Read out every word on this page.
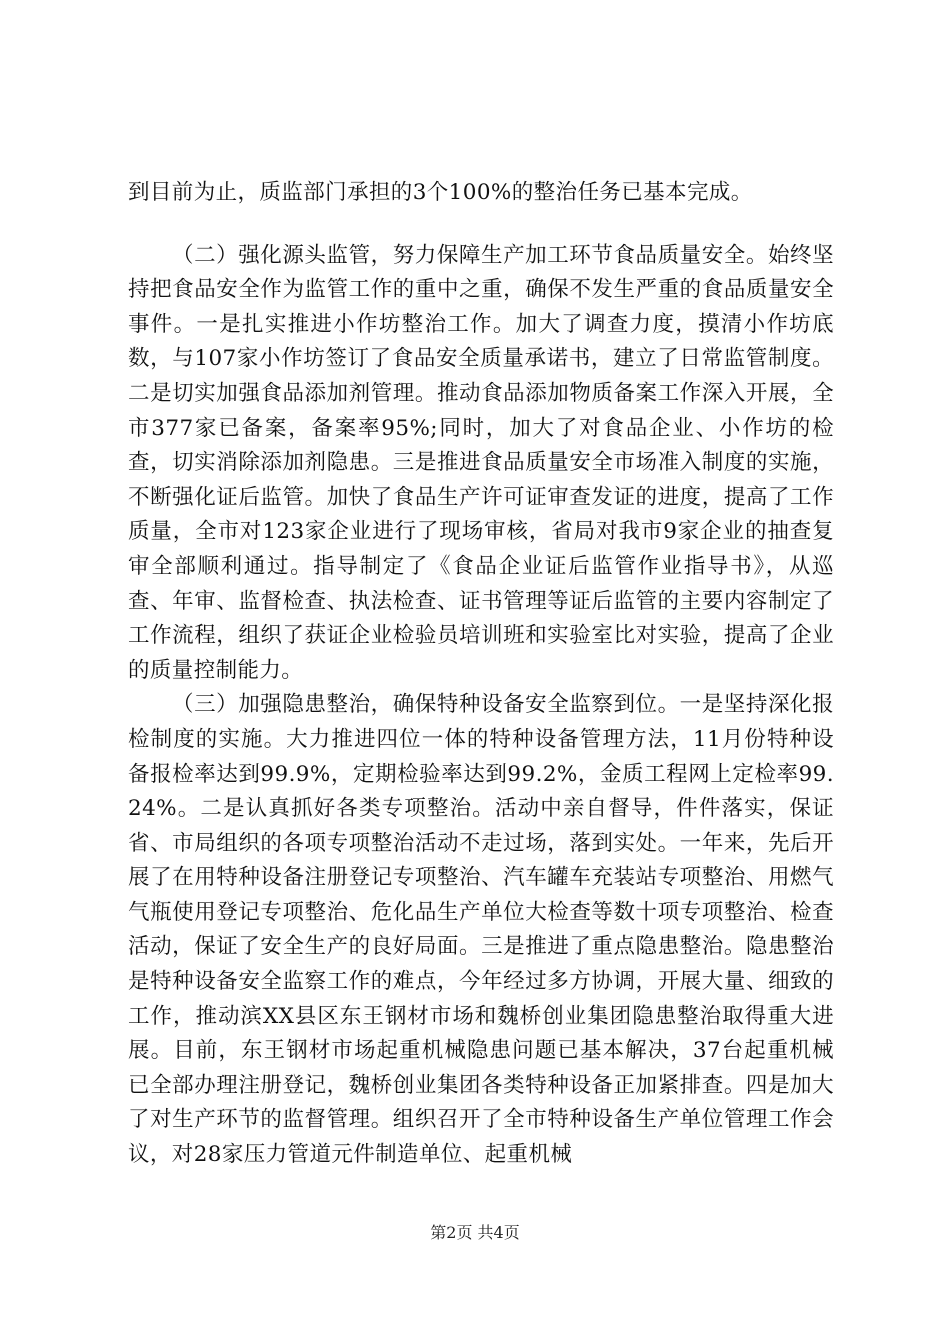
到目前为止，质监部门承担的3个100%的整治任务已基本完成。

（二）强化源头监管，努力保障生产加工环节食品质量安全。始终坚持把食品安全作为监管工作的重中之重，确保不发生严重的食品质量安全事件。一是扎实推进小作坊整治工作。加大了调查力度，摸清小作坊底数，与107家小作坊签订了食品安全质量承诺书，建立了日常监管制度。二是切实加强食品添加剂管理。推动食品添加物质备案工作深入开展，全市377家已备案，备案率95%;同时，加大了对食品企业、小作坊的检查，切实消除添加剂隐患。三是推进食品质量安全市场准入制度的实施，不断强化证后监管。加快了食品生产许可证审查发证的进度，提高了工作质量，全市对123家企业进行了现场审核，省局对我市9家企业的抽查复审全部顺利通过。指导制定了《食品企业证后监管作业指导书》，从巡查、年审、监督检查、执法检查、证书管理等证后监管的主要内容制定了工作流程，组织了获证企业检验员培训班和实验室比对实验，提高了企业的质量控制能力。

（三）加强隐患整治，确保特种设备安全监察到位。一是坚持深化报检制度的实施。大力推进四位一体的特种设备管理方法，11月份特种设备报检率达到99.9%，定期检验率达到99.2%，金质工程网上定检率99.24%。二是认真抓好各类专项整治。活动中亲自督导，件件落实，保证省、市局组织的各项专项整治活动不走过场，落到实处。一年来，先后开展了在用特种设备注册登记专项整治、汽车罐车充装站专项整治、用燃气气瓶使用登记专项整治、危化品生产单位大检查等数十项专项整治、检查活动，保证了安全生产的良好局面。三是推进了重点隐患整治。隐患整治是特种设备安全监察工作的难点，今年经过多方协调，开展大量、细致的工作，推动滨XX县区东王钢材市场和魏桥创业集团隐患整治取得重大进展。目前，东王钢材市场起重机械隐患问题已基本解决，37台起重机械已全部办理注册登记，魏桥创业集团各类特种设备正加紧排查。四是加大了对生产环节的监督管理。组织召开了全市特种设备生产单位管理工作会议，对28家压力管道元件制造单位、起重机械

第2页 共4页
